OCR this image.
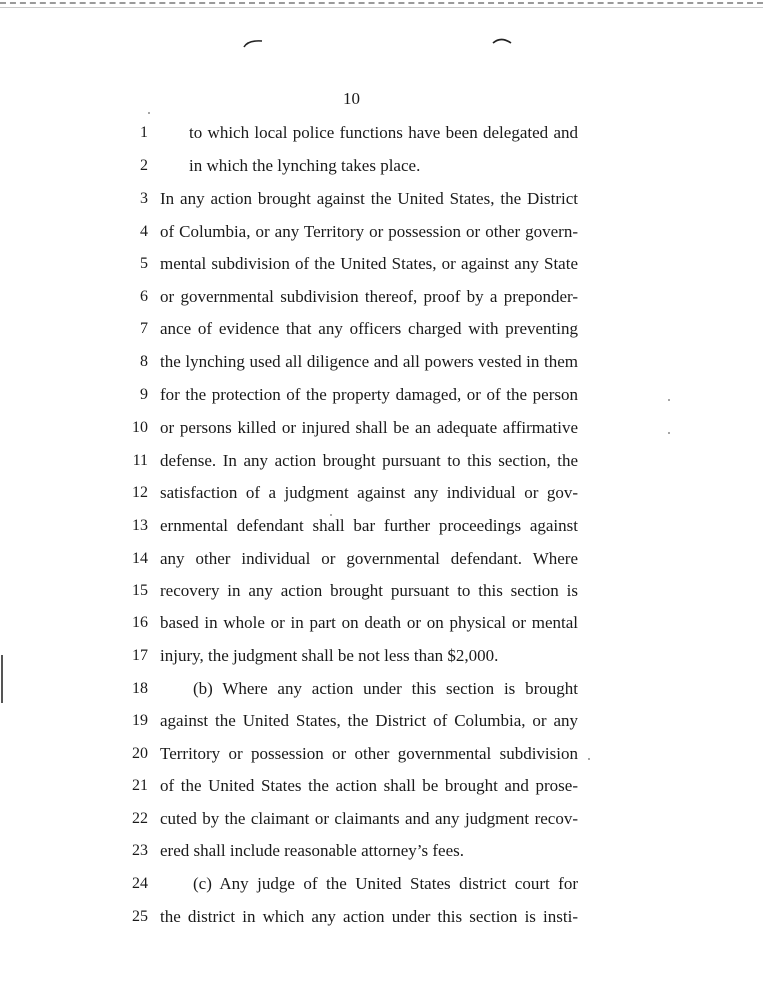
10
1 to which local police functions have been delegated and
2 in which the lynching takes place.
3 In any action brought against the United States, the District
4 of Columbia, or any Territory or possession or other govern-
5 mental subdivision of the United States, or against any State
6 or governmental subdivision thereof, proof by a preponder-
7 ance of evidence that any officers charged with preventing
8 the lynching used all diligence and all powers vested in them
9 for the protection of the property damaged, or of the person
10 or persons killed or injured shall be an adequate affirmative
11 defense. In any action brought pursuant to this section, the
12 satisfaction of a judgment against any individual or gov-
13 ernmental defendant shall bar further proceedings against
14 any other individual or governmental defendant. Where
15 recovery in any action brought pursuant to this section is
16 based in whole or in part on death or on physical or mental
17 injury, the judgment shall be not less than $2,000.
18	(b) Where any action under this section is brought
19 against the United States, the District of Columbia, or any
20 Territory or possession or other governmental subdivision
21 of the United States the action shall be brought and prose-
22 cuted by the claimant or claimants and any judgment recov-
23 ered shall include reasonable attorney’s fees.
24	(c) Any judge of the United States district court for
25 the district in which any action under this section is insti-
